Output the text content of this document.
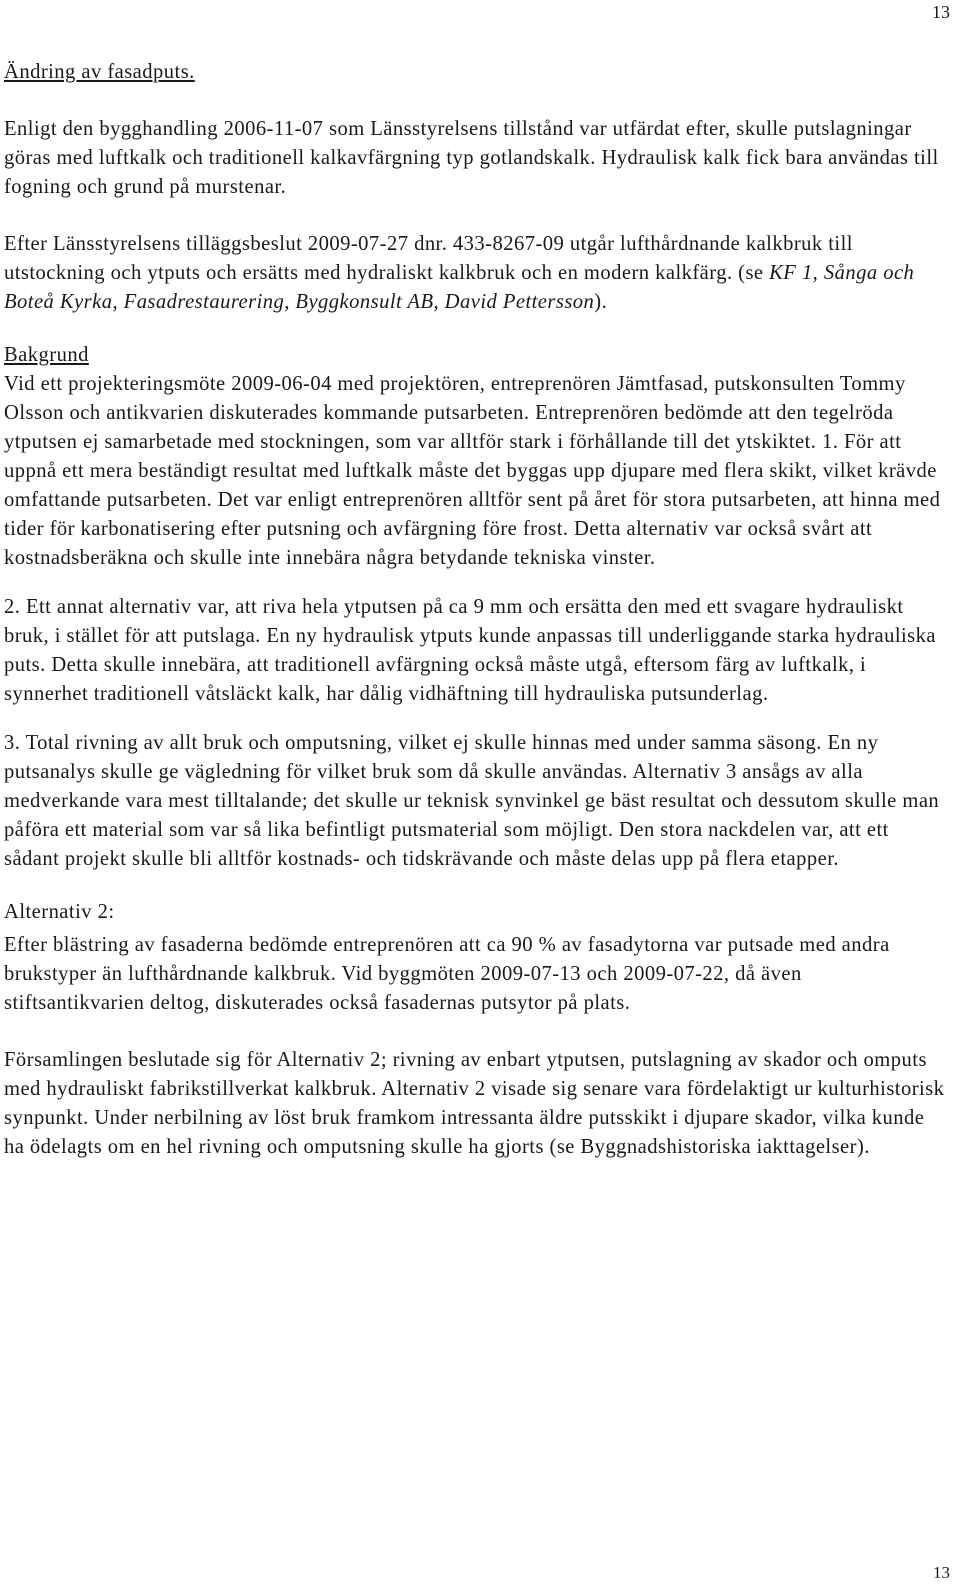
13

Ändring av fasadputs.

Enligt den bygghandling 2006-11-07 som Länsstyrelsens tillstånd var utfärdat efter, skulle putslagningar göras med luftkalk och traditionell kalkavfärgning typ gotlandskalk. Hydraulisk kalk fick bara användas till fogning och grund på murstenar.

Efter Länsstyrelsens tilläggsbeslut 2009-07-27 dnr. 433-8267-09 utgår lufthårdnande kalkbruk till utstockning och ytputs och ersätts med hydraliskt kalkbruk och en modern kalkfärg. (se KF 1, Sånga och Boteå Kyrka, Fasadrestaurering, Byggkonsult AB, David Pettersson).

Bakgrund

Vid ett projekteringsmöte 2009-06-04 med projektören, entreprenören Jämtfasad, putskonsulten Tommy Olsson och antikvarien diskuterades kommande putsarbeten. Entreprenören bedömde att den tegelröda ytputsen ej samarbetade med stockningen, som var alltför stark i förhållande till det ytskiktet. 1. För att uppnå ett mera beständigt resultat med luftkalk måste det byggas upp djupare med flera skikt, vilket krävde omfattande putsarbeten. Det var enligt entreprenören alltför sent på året för stora putsarbeten, att hinna med tider för karbonatisering efter putsning och avfärgning före frost. Detta alternativ var också svårt att kostnadsberäkna och skulle inte innebära några betydande tekniska vinster.

2. Ett annat alternativ var, att riva hela ytputsen på ca 9 mm och ersätta den med ett svagare hydrauliskt bruk, i stället för att putslaga. En ny hydraulisk ytputs kunde anpassas till underliggande starka hydrauliska puts. Detta skulle innebära, att traditionell avfärgning också måste utgå, eftersom färg av luftkalk, i synnerhet traditionell våtsläckt kalk, har dålig vidhäftning till hydrauliska putsunderlag.

3. Total rivning av allt bruk och omputsning, vilket ej skulle hinnas med under samma säsong. En ny putsanalys skulle ge vägledning för vilket bruk som då skulle användas. Alternativ 3 ansågs av alla medverkande vara mest tilltalande; det skulle ur teknisk synvinkel ge bäst resultat och dessutom skulle man påföra ett material som var så lika befintligt putsmaterial som möjligt. Den stora nackdelen var, att ett sådant projekt skulle bli alltför kostnads- och tidskrävande och måste delas upp på flera etapper.

Alternativ 2:

Efter blästring av fasaderna bedömde entreprenören att ca 90 % av fasadytorna var putsade med andra brukstyper än lufthårdnande kalkbruk. Vid byggmöten 2009-07-13 och 2009-07-22, då även stiftsantikvarien deltog, diskuterades också fasadernas putsytor på plats.

Församlingen beslutade sig för Alternativ 2; rivning av enbart ytputsen, putslagning av skador och omputs med hydrauliskt fabrikstillverkat kalkbruk. Alternativ 2 visade sig senare vara fördelaktigt ur kulturhistorisk synpunkt. Under nerbilning av löst bruk framkom intressanta äldre putsskikt i djupare skador, vilka kunde ha ödelagts om en hel rivning och omputsning skulle ha gjorts (se Byggnadshistoriska iakttagelser).

13
